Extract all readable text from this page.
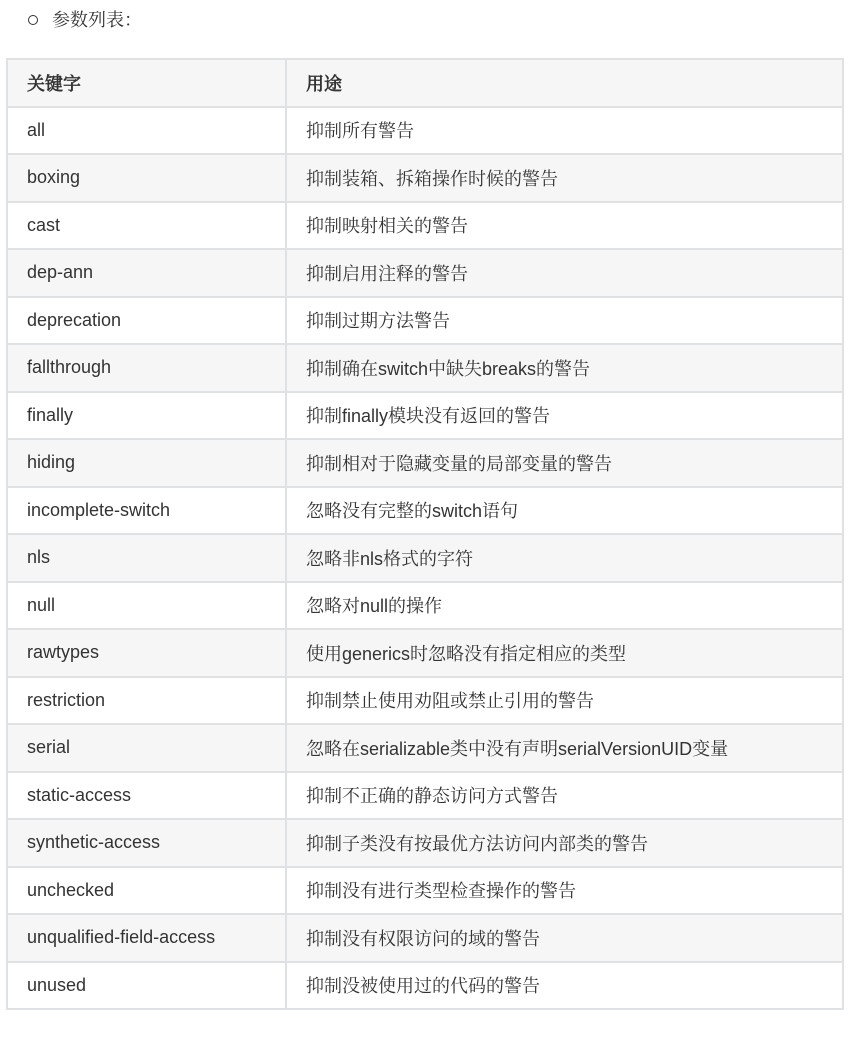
参数列表：
关键字	用途
all	抑制所有警告
boxing	抑制装箱、拆箱操作时候的警告
cast	抑制映射相关的警告
dep-ann	抑制启用注释的警告
deprecation	抑制过期方法警告
fallthrough	抑制确在switch中缺失breaks的警告
finally	抑制finally模块没有返回的警告
hiding	抑制相对于隐藏变量的局部变量的警告
incomplete-switch	忽略没有完整的switch语句
nls	忽略非nls格式的字符
null	忽略对null的操作
rawtypes	使用generics时忽略没有指定相应的类型
restriction	抑制禁止使用劝阻或禁止引用的警告
serial	忽略在serializable类中没有声明serialVersionUID变量
static-access	抑制不正确的静态访问方式警告
synthetic-access	抑制子类没有按最优方法访问内部类的警告
unchecked	抑制没有进行类型检查操作的警告
unqualified-field-access	抑制没有权限访问的域的警告
unused	抑制没被使用过的代码的警告
